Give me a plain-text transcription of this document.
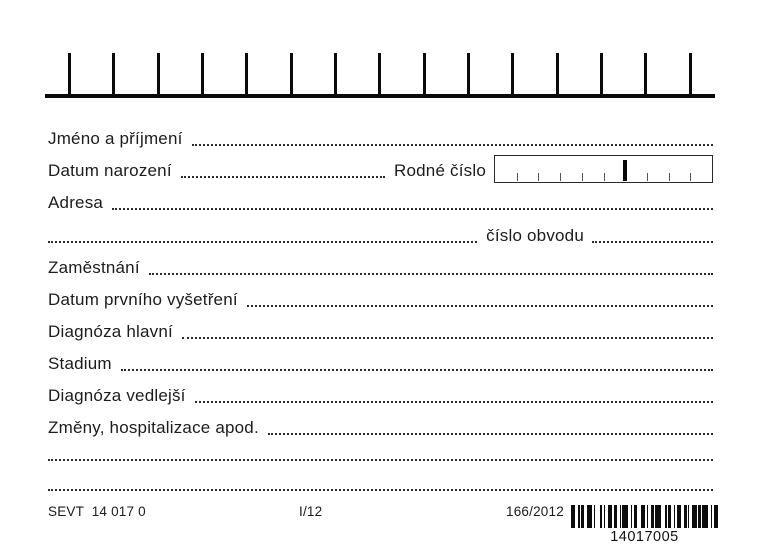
Jméno a příjmení
Datum narození	Rodné číslo
Adresa
číslo obvodu
Zaměstnání
Datum prvního vyšetření
Diagnóza hlavní
Stadium
Diagnóza vedlejší
Změny, hospitalizace apod.
SEVT  14 017 0	I/12	166/2012
14017005
